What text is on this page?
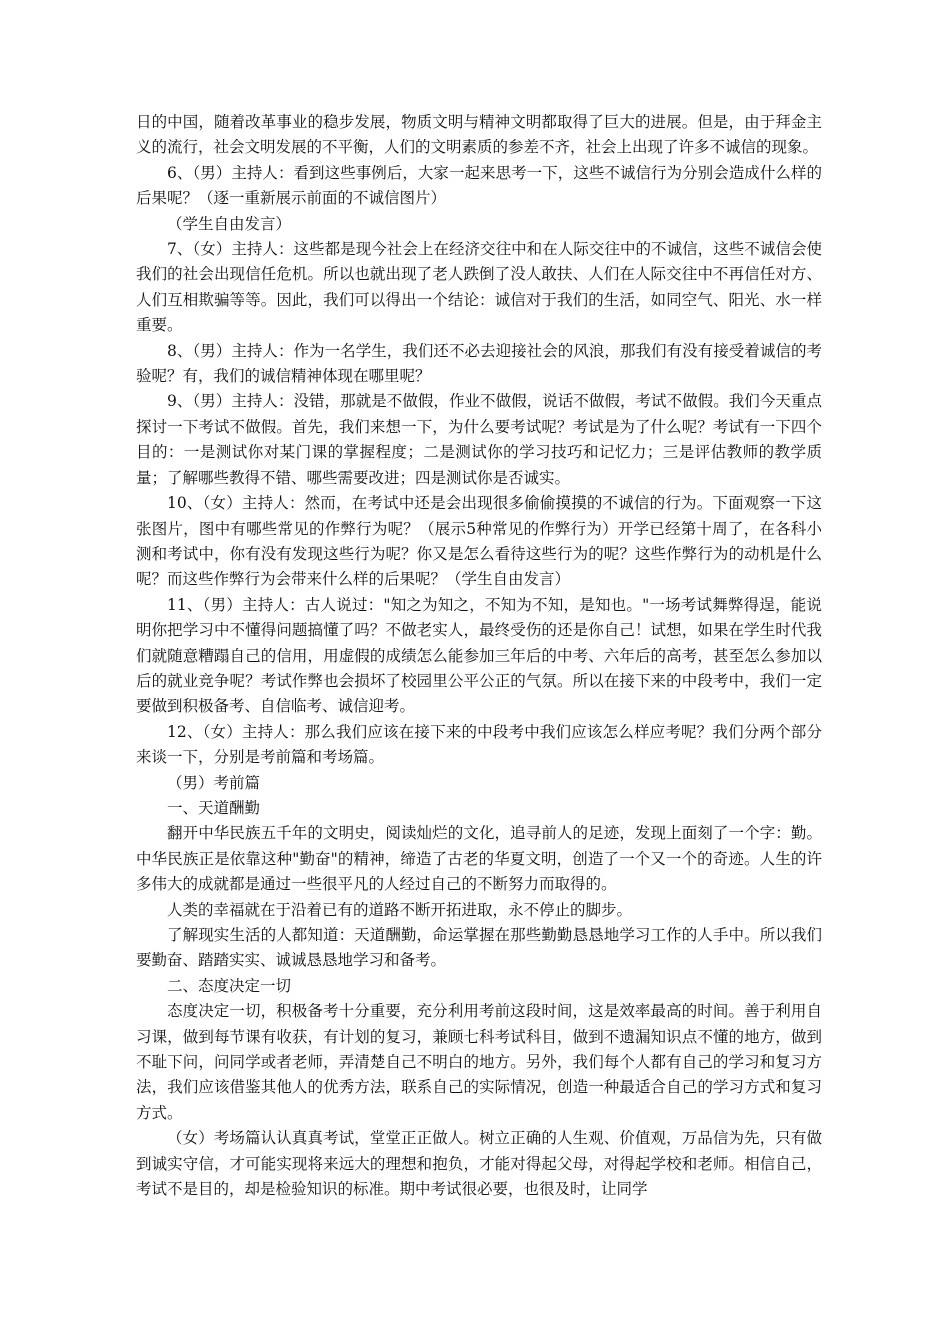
日的中国，随着改革事业的稳步发展，物质文明与精神文明都取得了巨大的进展。但是，由于拜金主义的流行，社会文明发展的不平衡，人们的文明素质的参差不齐，社会上出现了许多不诚信的现象。

6、（男）主持人：看到这些事例后，大家一起来思考一下，这些不诚信行为分别会造成什么样的后果呢？（逐一重新展示前面的不诚信图片）

（学生自由发言）

7、（女）主持人：这些都是现今社会上在经济交往中和在人际交往中的不诚信，这些不诚信会使我们的社会出现信任危机。所以也就出现了老人跌倒了没人敢扶、人们在人际交往中不再信任对方、人们互相欺骗等等。因此，我们可以得出一个结论：诚信对于我们的生活，如同空气、阳光、水一样重要。

8、（男）主持人：作为一名学生，我们还不必去迎接社会的风浪，那我们有没有接受着诚信的考验呢？有，我们的诚信精神体现在哪里呢？

9、（男）主持人：没错，那就是不做假，作业不做假，说话不做假，考试不做假。我们今天重点探讨一下考试不做假。首先，我们来想一下，为什么要考试呢？考试是为了什么呢？考试有一下四个目的：一是测试你对某门课的掌握程度；二是测试你的学习技巧和记忆力；三是评估教师的教学质量；了解哪些教得不错、哪些需要改进；四是测试你是否诚实。

10、（女）主持人：然而，在考试中还是会出现很多偷偷摸摸的不诚信的行为。下面观察一下这张图片，图中有哪些常见的作弊行为呢？（展示5种常见的作弊行为）开学已经第十周了，在各科小测和考试中，你有没有发现这些行为呢？你又是怎么看待这些行为的呢？这些作弊行为的动机是什么呢？而这些作弊行为会带来什么样的后果呢？（学生自由发言）

11、（男）主持人：古人说过："知之为知之，不知为不知，是知也。"一场考试舞弊得逞，能说明你把学习中不懂得问题搞懂了吗？不做老实人，最终受伤的还是你自己！试想，如果在学生时代我们就随意糟蹋自己的信用，用虚假的成绩怎么能参加三年后的中考、六年后的高考，甚至怎么参加以后的就业竞争呢？考试作弊也会损坏了校园里公平公正的气氛。所以在接下来的中段考中，我们一定要做到积极备考、自信临考、诚信迎考。

12、（女）主持人：那么我们应该在接下来的中段考中我们应该怎么样应考呢？我们分两个部分来谈一下，分别是考前篇和考场篇。

（男）考前篇

一、天道酬勤

翻开中华民族五千年的文明史，阅读灿烂的文化，追寻前人的足迹，发现上面刻了一个字：勤。中华民族正是依靠这种"勤奋"的精神，缔造了古老的华夏文明，创造了一个又一个的奇迹。人生的许多伟大的成就都是通过一些很平凡的人经过自己的不断努力而取得的。

人类的幸福就在于沿着已有的道路不断开拓进取，永不停止的脚步。

了解现实生活的人都知道：天道酬勤，命运掌握在那些勤勤恳恳地学习工作的人手中。所以我们要勤奋、踏踏实实、诚诚恳恳地学习和备考。

二、态度决定一切

态度决定一切，积极备考十分重要，充分利用考前这段时间，这是效率最高的时间。善于利用自习课，做到每节课有收获，有计划的复习，兼顾七科考试科目，做到不遗漏知识点不懂的地方，做到不耻下问，问同学或者老师，弄清楚自己不明白的地方。另外，我们每个人都有自己的学习和复习方法，我们应该借鉴其他人的优秀方法，联系自己的实际情况，创造一种最适合自己的学习方式和复习方式。

（女）考场篇认认真真考试，堂堂正正做人。树立正确的人生观、价值观，万品信为先，只有做到诚实守信，才可能实现将来远大的理想和抱负，才能对得起父母，对得起学校和老师。相信自己，考试不是目的，却是检验知识的标准。期中考试很必要，也很及时，让同学
